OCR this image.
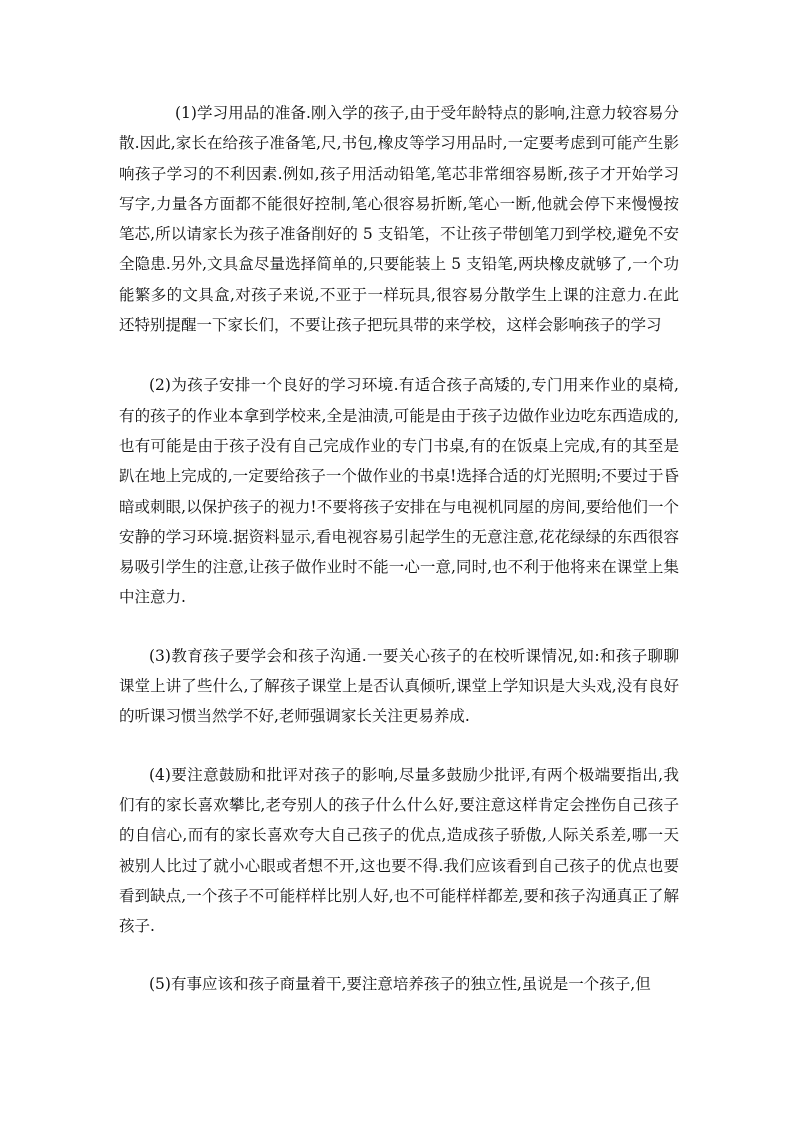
(1)学习用品的准备.刚入学的孩子,由于受年龄特点的影响,注意力较容易分散.因此,家长在给孩子准备笔,尺,书包,橡皮等学习用品时,一定要考虑到可能产生影响孩子学习的不利因素.例如,孩子用活动铅笔,笔芯非常细容易断,孩子才开始学习写字,力量各方面都不能很好控制,笔心很容易折断,笔心一断,他就会停下来慢慢按笔芯,所以请家长为孩子准备削好的 5 支铅笔，不让孩子带刨笔刀到学校,避免不安全隐患.另外,文具盒尽量选择简单的,只要能装上 5 支铅笔,两块橡皮就够了,一个功能繁多的文具盒,对孩子来说,不亚于一样玩具,很容易分散学生上课的注意力.在此还特别提醒一下家长们，不要让孩子把玩具带的来学校，这样会影响孩子的学习

(2)为孩子安排一个良好的学习环境.有适合孩子高矮的,专门用来作业的桌椅,有的孩子的作业本拿到学校来,全是油渍,可能是由于孩子边做作业边吃东西造成的,也有可能是由于孩子没有自己完成作业的专门书桌,有的在饭桌上完成,有的其至是趴在地上完成的,一定要给孩子一个做作业的书桌!选择合适的灯光照明;不要过于昏暗或刺眼,以保护孩子的视力!不要将孩子安排在与电视机同屋的房间,要给他们一个安静的学习环境.据资料显示,看电视容易引起学生的无意注意,花花绿绿的东西很容易吸引学生的注意,让孩子做作业时不能一心一意,同时,也不利于他将来在课堂上集中注意力.

(3)教育孩子要学会和孩子沟通.一要关心孩子的在校听课情况,如:和孩子聊聊课堂上讲了些什么,了解孩子课堂上是否认真倾听,课堂上学知识是大头戏,没有良好的听课习惯当然学不好,老师强调家长关注更易养成.

(4)要注意鼓励和批评对孩子的影响,尽量多鼓励少批评,有两个极端要指出,我们有的家长喜欢攀比,老夸别人的孩子什么什么好,要注意这样肯定会挫伤自己孩子的自信心,而有的家长喜欢夸大自己孩子的优点,造成孩子骄傲,人际关系差,哪一天被别人比过了就小心眼或者想不开,这也要不得.我们应该看到自己孩子的优点也要看到缺点,一个孩子不可能样样比别人好,也不可能样样都差,要和孩子沟通真正了解孩子.

(5)有事应该和孩子商量着干,要注意培养孩子的独立性,虽说是一个孩子,但
